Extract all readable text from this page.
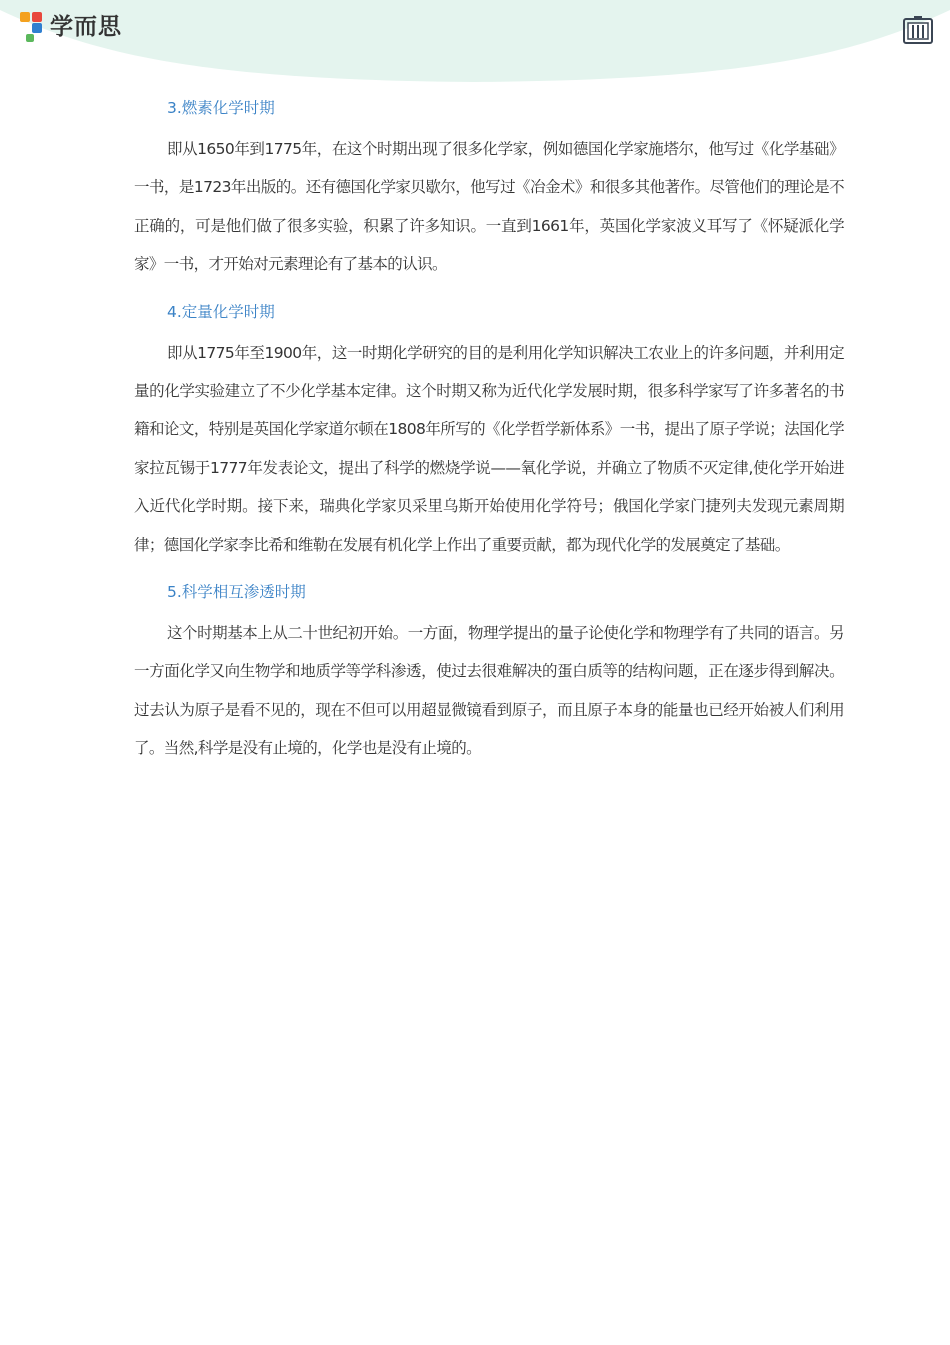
学而思
3.燃素化学时期

即从1650年到1775年，在这个时期出现了很多化学家，例如德国化学家施塔尔，他写过《化学基础》一书，是1723年出版的。还有德国化学家贝歇尔，他写过《冶金术》和很多其他著作。尽管他们的理论是不正确的，可是他们做了很多实验，积累了许多知识。一直到1661年，英国化学家波义耳写了《怀疑派化学家》一书，才开始对元素理论有了基本的认识。

4.定量化学时期

即从1775年至1900年，这一时期化学研究的目的是利用化学知识解决工农业上的许多问题，并利用定量的化学实验建立了不少化学基本定律。这个时期又称为近代化学发展时期，很多科学家写了许多著名的书籍和论文，特别是英国化学家道尔顿在1808年所写的《化学哲学新体系》一书，提出了原子学说；法国化学家拉瓦锡于1777年发表论文，提出了科学的燃烧学说——氧化学说，并确立了物质不灭定律,使化学开始进入近代化学时期。接下来，瑞典化学家贝采里乌斯开始使用化学符号；俄国化学家门捷列夫发现元素周期律；德国化学家李比希和维勒在发展有机化学上作出了重要贡献，都为现代化学的发展奠定了基础。

5.科学相互渗透时期

这个时期基本上从二十世纪初开始。一方面，物理学提出的量子论使化学和物理学有了共同的语言。另一方面化学又向生物学和地质学等学科渗透，使过去很难解决的蛋白质等的结构问题，正在逐步得到解决。过去认为原子是看不见的，现在不但可以用超显微镜看到原子，而且原子本身的能量也已经开始被人们利用了。当然,科学是没有止境的，化学也是没有止境的。
